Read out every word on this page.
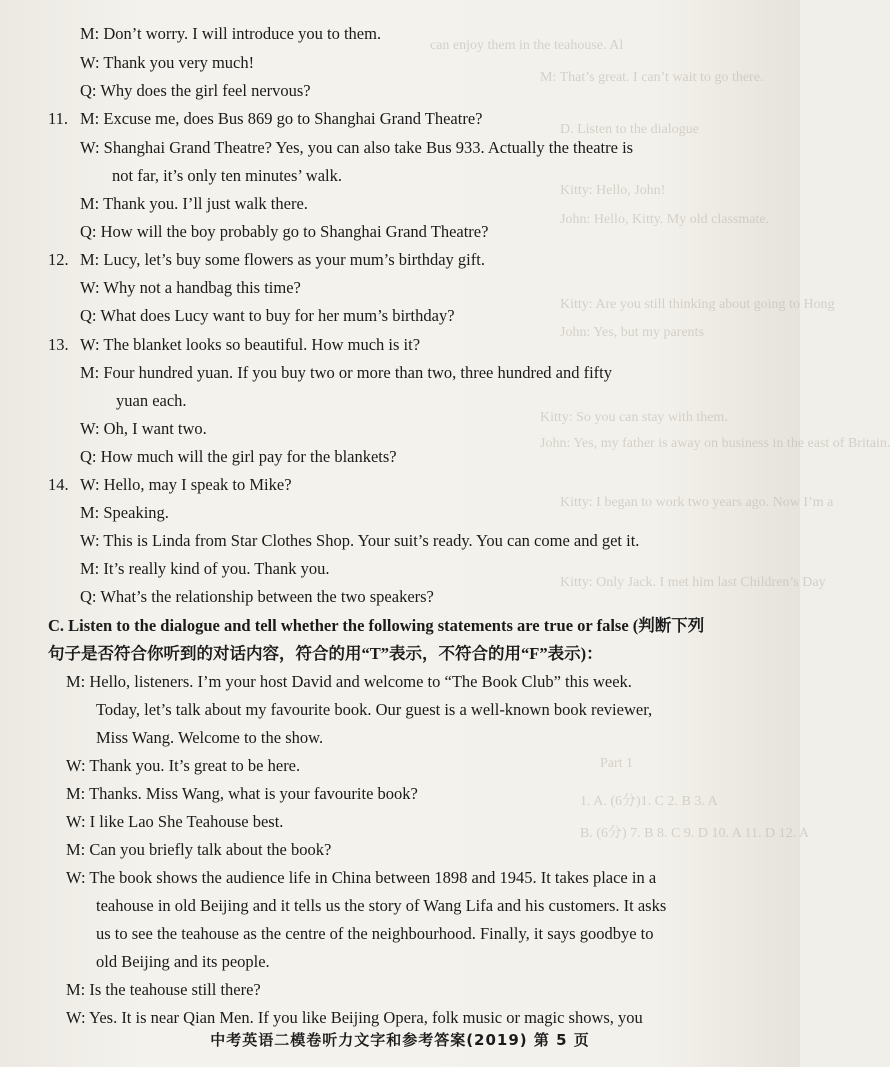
can enjoy them in the teahouse. Al
M: That’s great. I can’t wait to go there.
D. Listen to the dialogue
Kitty: Hello, John!
John: Hello, Kitty. My old classmate.
Kitty: Are you still thinking about going to Hong
John: Yes, but my parents
Kitty: So you can stay with them.
John: Yes, my father is away on business in the east of Britain.
Kitty: I began to work two years ago. Now I’m a
Kitty: Only Jack. I met him last Children’s Day
Part 1
1. A. (6分)1. C 2. B 3. A
B. (6分) 7. B 8. C 9. D 10. A 11. D 12. A
M: Don’t worry. I will introduce you to them.
W: Thank you very much!
Q: Why does the girl feel nervous?
M: Excuse me, does Bus 869 go to Shanghai Grand Theatre?
W: Shanghai Grand Theatre? Yes, you can also take Bus 933. Actually the theatre is
not far, it’s only ten minutes’ walk.
M: Thank you. I’ll just walk there.
Q: How will the boy probably go to Shanghai Grand Theatre?
M: Lucy, let’s buy some flowers as your mum’s birthday gift.
W: Why not a handbag this time?
Q: What does Lucy want to buy for her mum’s birthday?
W: The blanket looks so beautiful. How much is it?
M: Four hundred yuan. If you buy two or more than two, three hundred and fifty
yuan each.
W: Oh, I want two.
Q: How much will the girl pay for the blankets?
W: Hello, may I speak to Mike?
M: Speaking.
W: This is Linda from Star Clothes Shop. Your suit’s ready. You can come and get it.
M: It’s really kind of you. Thank you.
Q: What’s the relationship between the two speakers?
C. Listen to the dialogue and tell whether the following statements are true or false (判断下列
句子是否符合你听到的对话内容，符合的用“T”表示，不符合的用“F”表示)：
M: Hello, listeners. I’m your host David and welcome to “The Book Club” this week.
Today, let’s talk about my favourite book. Our guest is a well-known book reviewer,
Miss Wang. Welcome to the show.
W: Thank you. It’s great to be here.
M: Thanks. Miss Wang, what is your favourite book?
W: I like Lao She Teahouse best.
M: Can you briefly talk about the book?
W: The book shows the audience life in China between 1898 and 1945. It takes place in a
teahouse in old Beijing and it tells us the story of Wang Lifa and his customers. It asks
us to see the teahouse as the centre of the neighbourhood. Finally, it says goodbye to
old Beijing and its people.
M: Is the teahouse still there?
W: Yes. It is near Qian Men. If you like Beijing Opera, folk music or magic shows, you
11.
12.
13.
14.
中考英语二模卷听力文字和参考答案(2019) 第 5 页
